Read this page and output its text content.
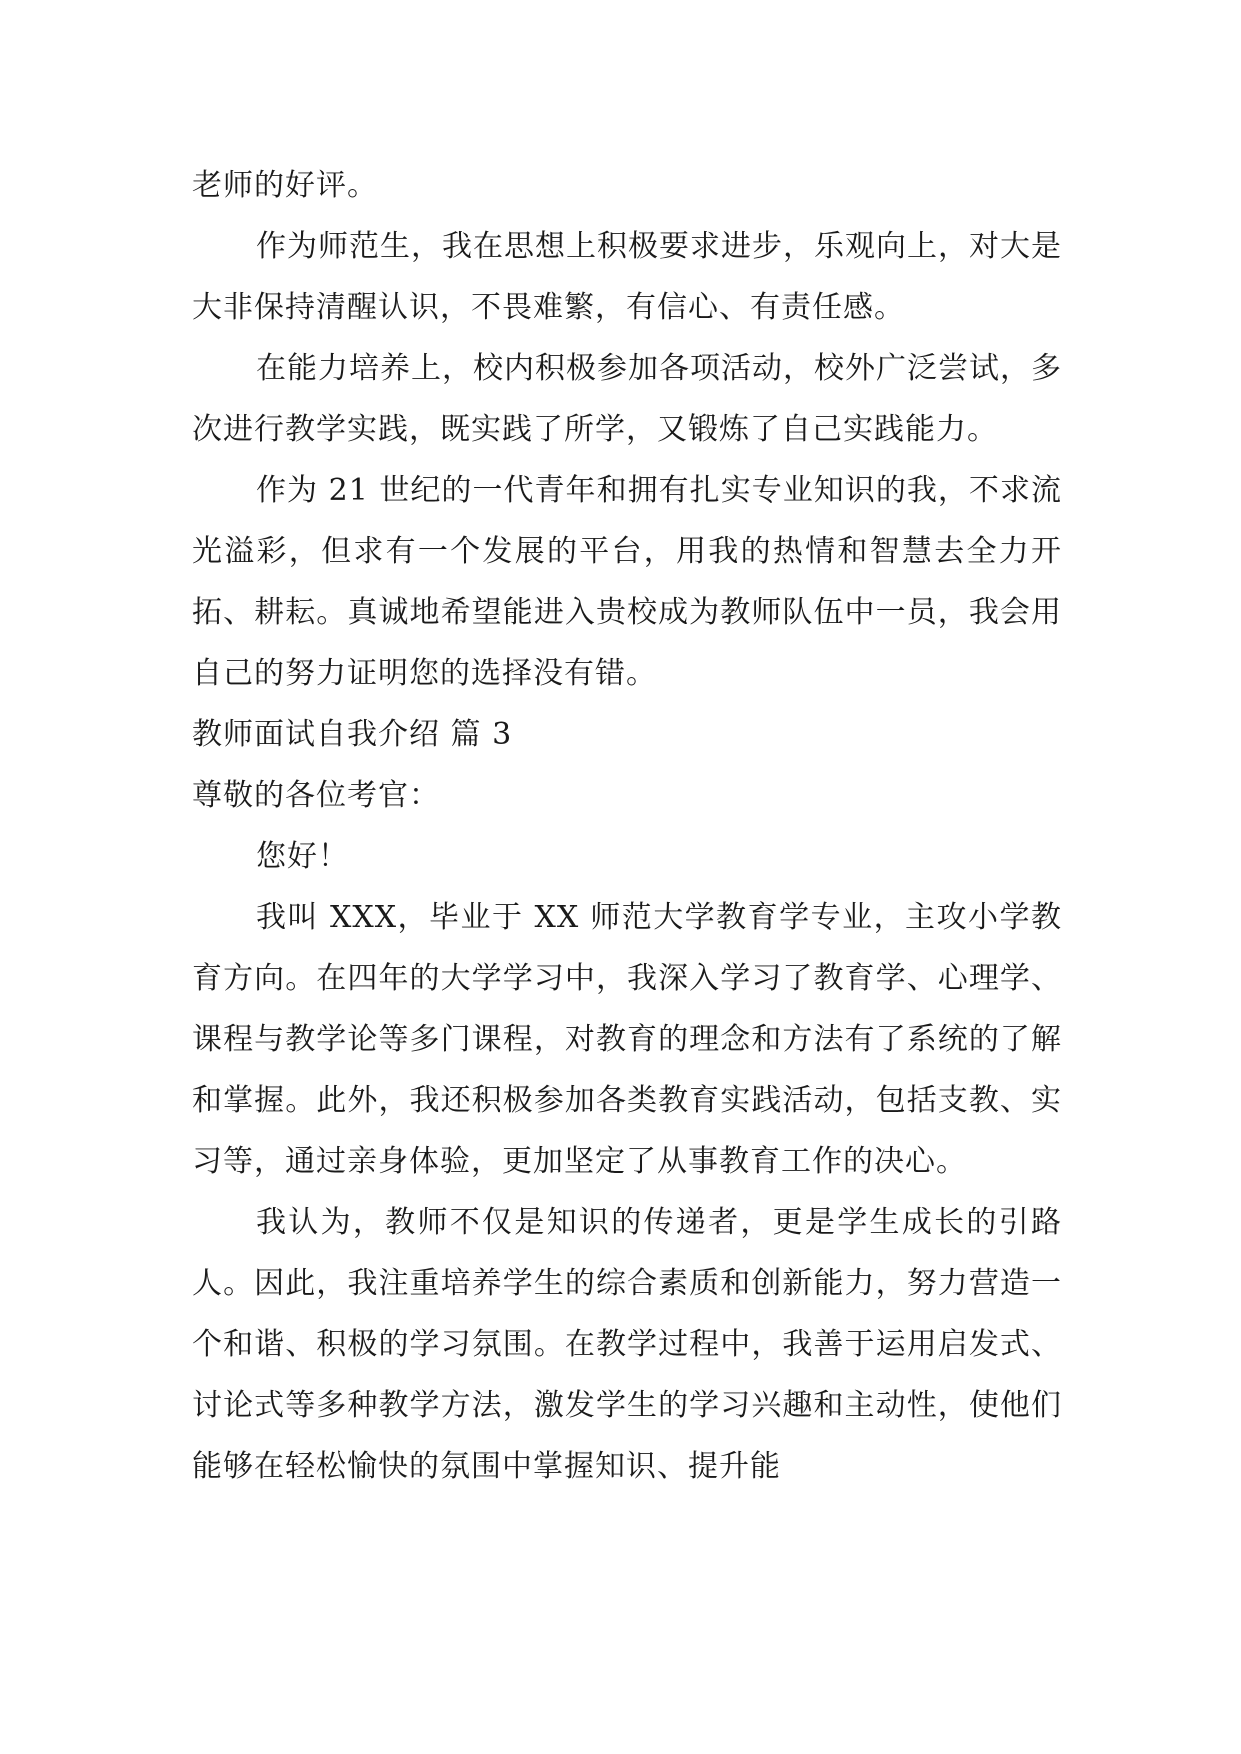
老师的好评。

作为师范生，我在思想上积极要求进步，乐观向上，对大是大非保持清醒认识，不畏难繁，有信心、有责任感。

在能力培养上，校内积极参加各项活动，校外广泛尝试，多次进行教学实践，既实践了所学，又锻炼了自己实践能力。

作为 21 世纪的一代青年和拥有扎实专业知识的我，不求流光溢彩，但求有一个发展的平台，用我的热情和智慧去全力开拓、耕耘。真诚地希望能进入贵校成为教师队伍中一员，我会用自己的努力证明您的选择没有错。

教师面试自我介绍 篇 3

尊敬的各位考官：

您好！

我叫 XXX，毕业于 XX 师范大学教育学专业，主攻小学教育方向。在四年的大学学习中，我深入学习了教育学、心理学、课程与教学论等多门课程，对教育的理念和方法有了系统的了解和掌握。此外，我还积极参加各类教育实践活动，包括支教、实习等，通过亲身体验，更加坚定了从事教育工作的决心。

我认为，教师不仅是知识的传递者，更是学生成长的引路人。因此，我注重培养学生的综合素质和创新能力，努力营造一个和谐、积极的学习氛围。在教学过程中，我善于运用启发式、讨论式等多种教学方法，激发学生的学习兴趣和主动性，使他们能够在轻松愉快的氛围中掌握知识、提升能
